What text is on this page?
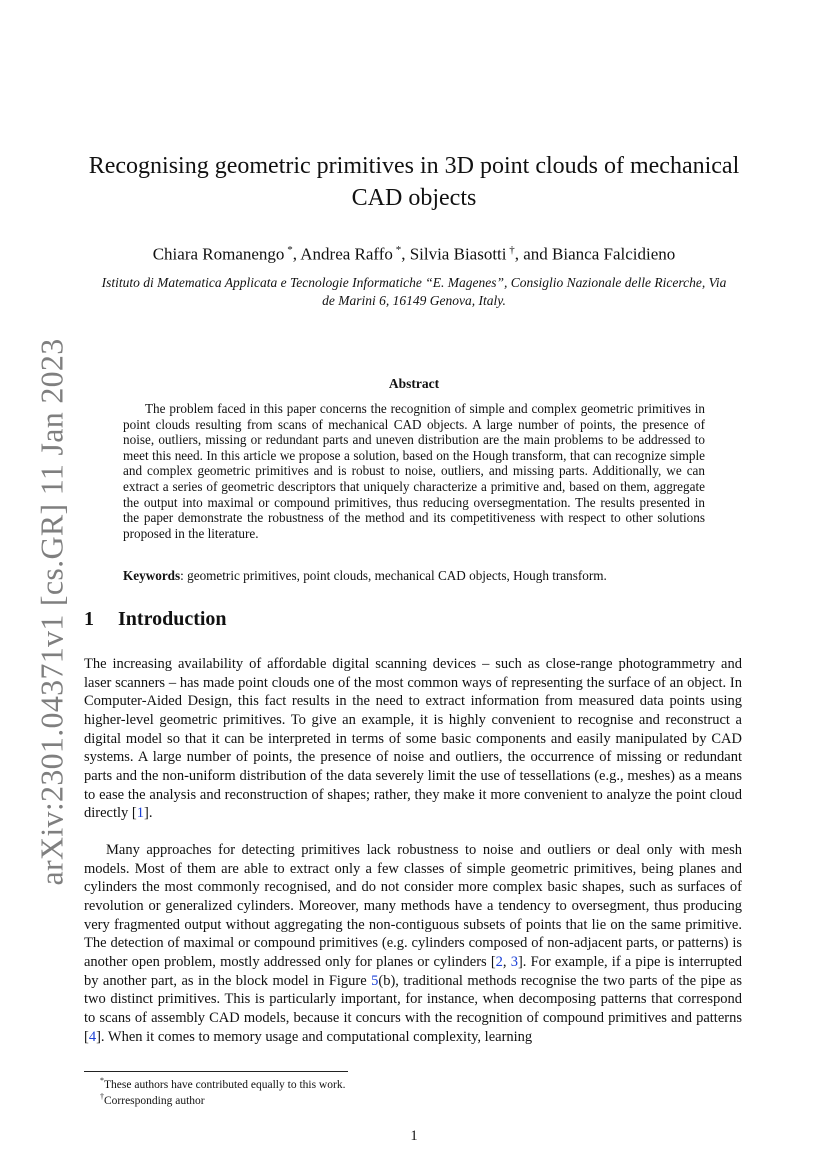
arXiv:2301.04371v1 [cs.GR] 11 Jan 2023
Recognising geometric primitives in 3D point clouds of mechanical CAD objects
Chiara Romanengo *, Andrea Raffo *, Silvia Biasotti †, and Bianca Falcidieno
Istituto di Matematica Applicata e Tecnologie Informatiche “E. Magenes”, Consiglio Nazionale delle Ricerche, Via de Marini 6, 16149 Genova, Italy.
Abstract

The problem faced in this paper concerns the recognition of simple and complex geometric primitives in point clouds resulting from scans of mechanical CAD objects. A large number of points, the presence of noise, outliers, missing or redundant parts and uneven distribution are the main problems to be addressed to meet this need. In this article we propose a solution, based on the Hough transform, that can recognize simple and complex geometric primitives and is robust to noise, outliers, and missing parts. Additionally, we can extract a series of geometric descriptors that uniquely characterize a primitive and, based on them, aggregate the output into maximal or compound primitives, thus reducing oversegmentation. The results presented in the paper demonstrate the robustness of the method and its competitiveness with respect to other solutions proposed in the literature.

Keywords: geometric primitives, point clouds, mechanical CAD objects, Hough transform.
1 Introduction

The increasing availability of affordable digital scanning devices – such as close-range photogrammetry and laser scanners – has made point clouds one of the most common ways of representing the surface of an object. In Computer-Aided Design, this fact results in the need to extract information from measured data points using higher-level geometric primitives. To give an example, it is highly convenient to recognise and reconstruct a digital model so that it can be interpreted in terms of some basic components and easily manipulated by CAD systems. A large number of points, the presence of noise and outliers, the occurrence of missing or redundant parts and the non-uniform distribution of the data severely limit the use of tessellations (e.g., meshes) as a means to ease the analysis and reconstruction of shapes; rather, they make it more convenient to analyze the point cloud directly [1].

Many approaches for detecting primitives lack robustness to noise and outliers or deal only with mesh models. Most of them are able to extract only a few classes of simple geometric primitives, being planes and cylinders the most commonly recognised, and do not consider more complex basic shapes, such as surfaces of revolution or generalized cylinders. Moreover, many methods have a tendency to oversegment, thus producing very fragmented output without aggregating the non-contiguous subsets of points that lie on the same primitive. The detection of maximal or compound primitives (e.g. cylinders composed of non-adjacent parts, or patterns) is another open problem, mostly addressed only for planes or cylinders [2, 3]. For example, if a pipe is interrupted by another part, as in the block model in Figure 5(b), traditional methods recognise the two parts of the pipe as two distinct primitives. This is particularly important, for instance, when decomposing patterns that correspond to scans of assembly CAD models, because it concurs with the recognition of compound primitives and patterns [4]. When it comes to memory usage and computational complexity, learning

*These authors have contributed equally to this work.
†Corresponding author
1
